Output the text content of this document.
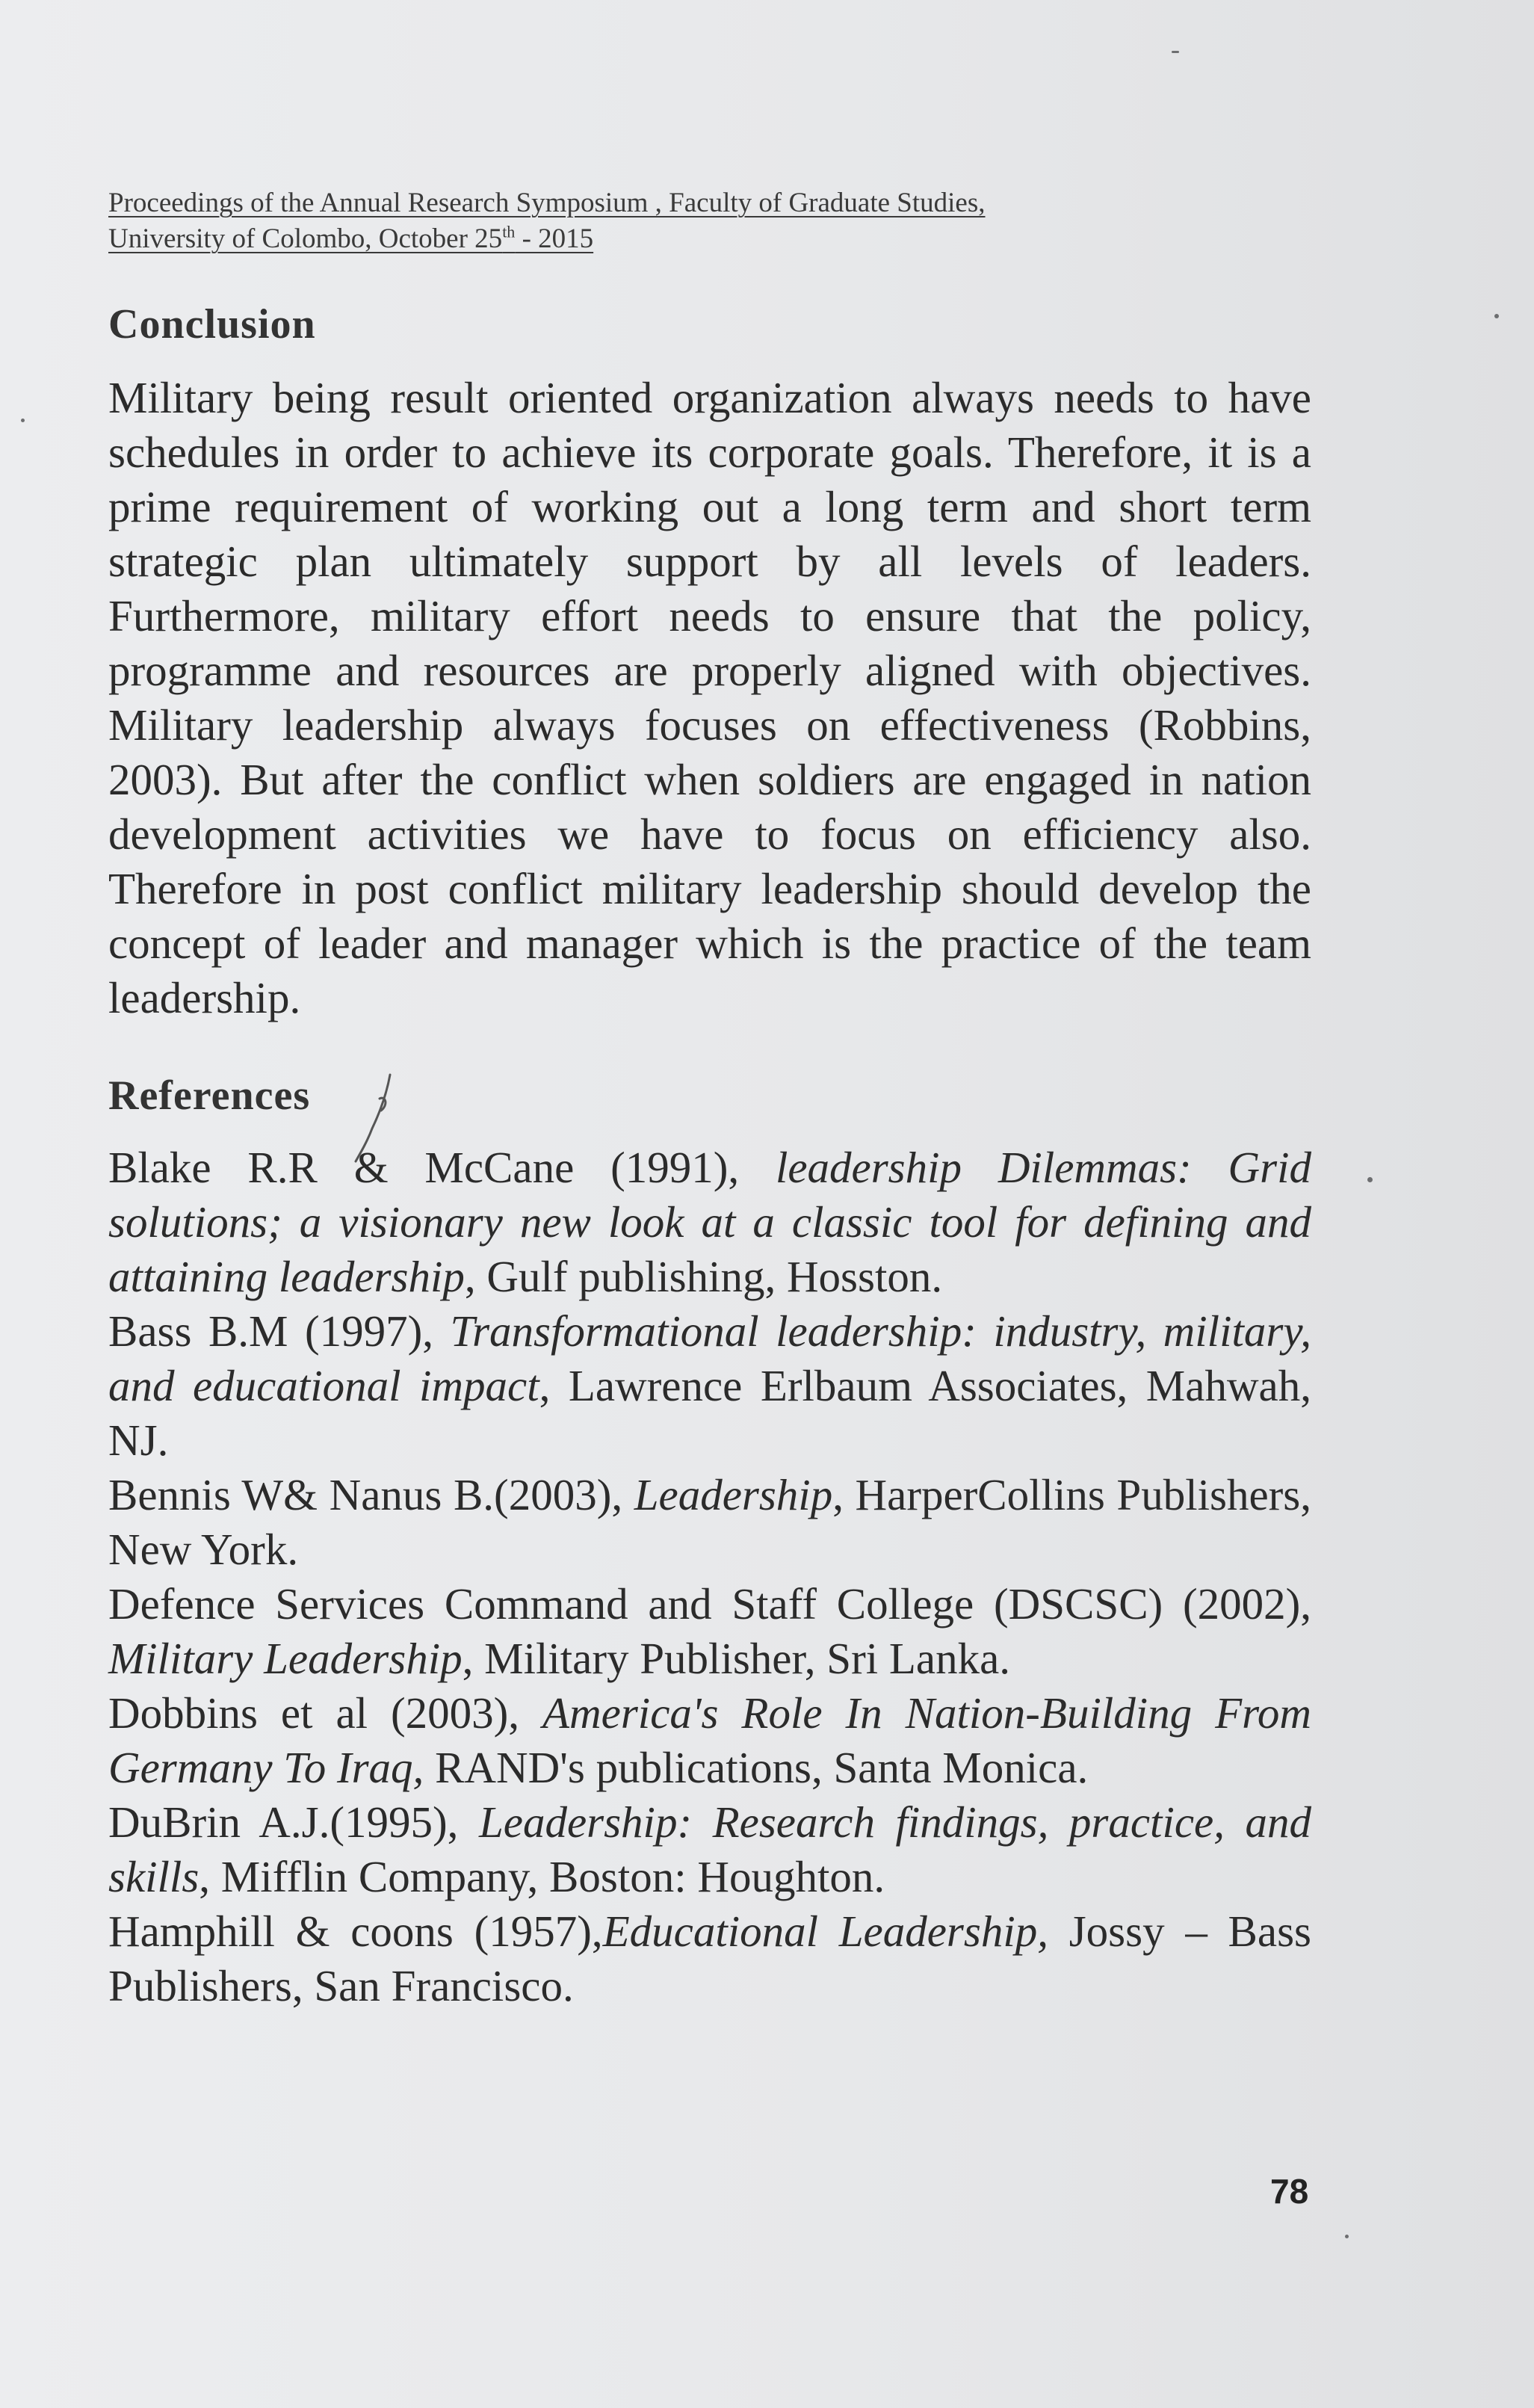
Proceedings of the Annual Research Symposium , Faculty of Graduate Studies,
University of Colombo, October 25th - 2015
Conclusion
Military being result oriented organization always needs to have schedules in order to achieve its corporate goals. Therefore, it is a prime requirement of working out a long term and short term strategic plan ultimately support by all levels of leaders. Furthermore, military effort needs to ensure that the policy, programme and resources are properly aligned with objectives. Military leadership always focuses on effectiveness (Robbins, 2003). But after the conflict when soldiers are engaged in nation development activities we have to focus on efficiency also. Therefore in post conflict military leadership should develop the concept of leader and manager which is the practice of the team leadership.
References
Blake R.R & McCane (1991), leadership Dilemmas: Grid solutions; a visionary new look at a classic tool for defining and attaining leadership, Gulf publishing, Hosston.
Bass B.M (1997), Transformational leadership: industry, military, and educational impact, Lawrence Erlbaum Associates, Mahwah, NJ.
Bennis W& Nanus B.(2003), Leadership, HarperCollins Publishers, New York.
Defence Services Command and Staff College (DSCSC) (2002), Military Leadership, Military Publisher, Sri Lanka.
Dobbins et al (2003), America's Role In Nation-Building From Germany To Iraq, RAND's publications, Santa Monica.
DuBrin A.J.(1995), Leadership: Research findings, practice, and skills, Mifflin Company, Boston: Houghton.
Hamphill & coons (1957),Educational Leadership, Jossy – Bass Publishers, San Francisco.
78
